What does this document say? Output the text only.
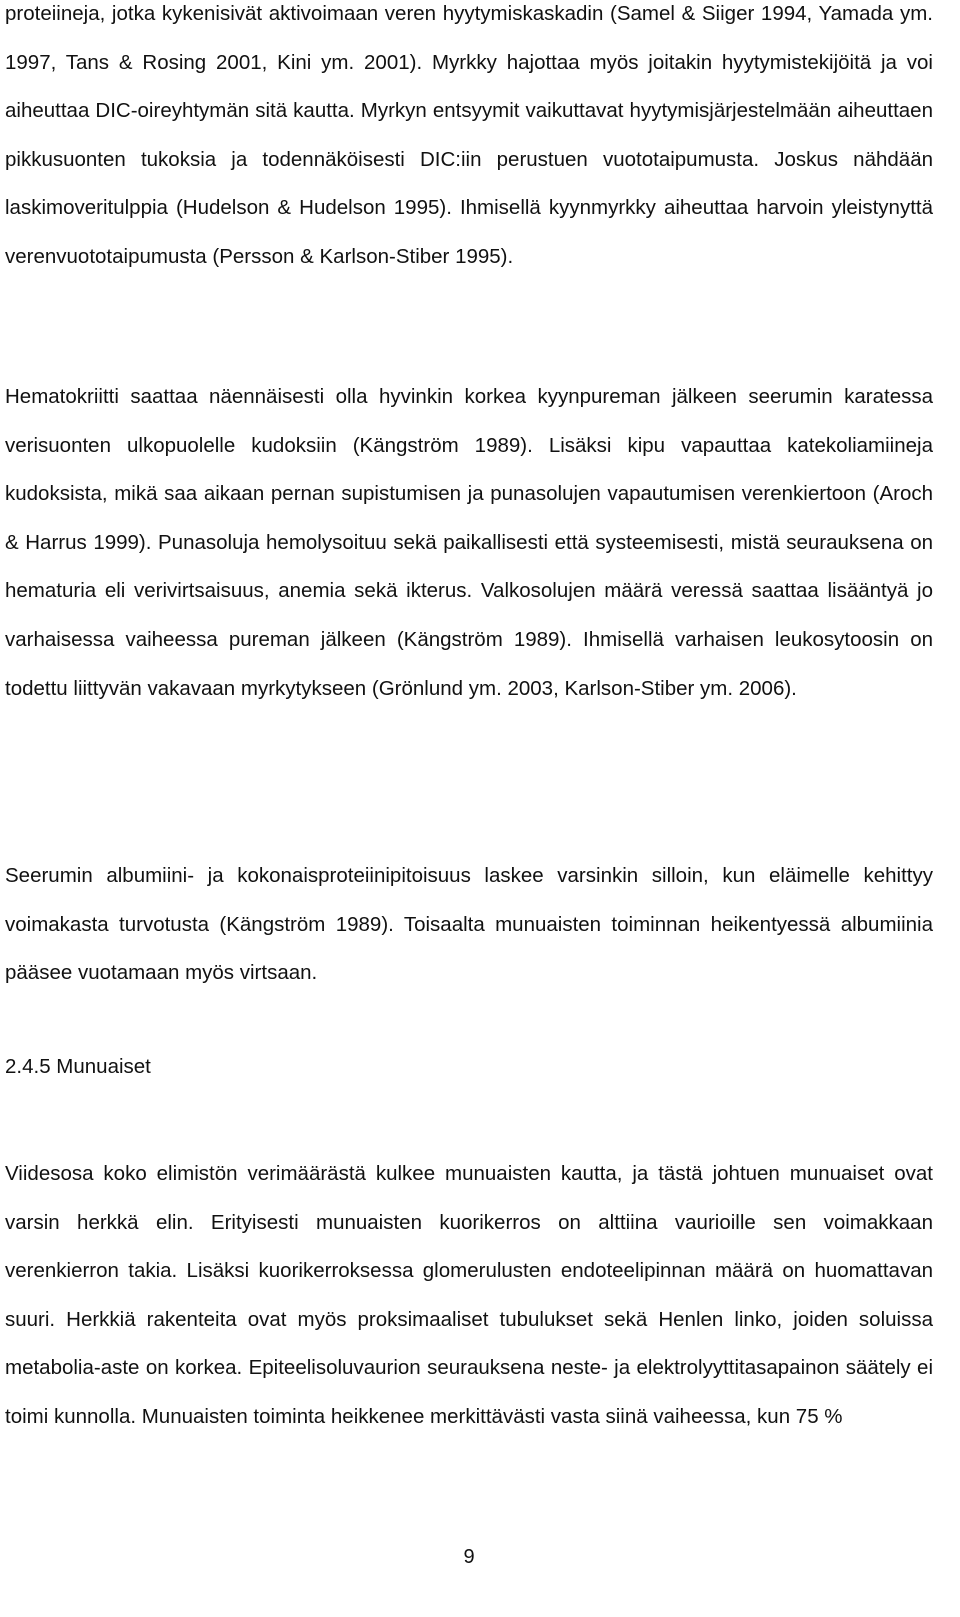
proteiineja, jotka kykenisivät aktivoimaan veren hyytymiskaskadin (Samel & Siiger 1994, Yamada ym. 1997, Tans & Rosing 2001, Kini ym. 2001). Myrkky hajottaa myös joitakin hyytymistekijöitä ja voi aiheuttaa DIC-oireyhtymän sitä kautta. Myrkyn entsyymit vaikuttavat hyytymisjärjestelmään aiheuttaen pikkusuonten tukoksia ja todennäköisesti DIC:iin perustuen vuototaipumusta. Joskus nähdään laskimoveritulppia (Hudelson & Hudelson 1995). Ihmisellä kyynmyrkky aiheuttaa harvoin yleistynyttä verenvuototaipumusta (Persson & Karlson-Stiber 1995).

Hematokriitti saattaa näennäisesti olla hyvinkin korkea kyynpureman jälkeen seerumin karatessa verisuonten ulkopuolelle kudoksiin (Kängström 1989). Lisäksi kipu vapauttaa katekoliamiineja kudoksista, mikä saa aikaan pernan supistumisen ja punasolujen vapautumisen verenkiertoon (Aroch & Harrus 1999). Punasoluja hemolysoituu sekä paikallisesti että systeemisesti, mistä seurauksena on hematuria eli verivirtsaisuus, anemia sekä ikterus. Valkosolujen määrä veressä saattaa lisääntyä jo varhaisessa vaiheessa pureman jälkeen (Kängström 1989). Ihmisellä varhaisen leukosytoosin on todettu liittyvän vakavaan myrkytykseen (Grönlund ym. 2003, Karlson-Stiber ym. 2006).

Seerumin albumiini- ja kokonaisproteiinipitoisuus laskee varsinkin silloin, kun eläimelle kehittyy voimakasta turvotusta (Kängström 1989). Toisaalta munuaisten toiminnan heikentyessä albumiinia pääsee vuotamaan myös virtsaan.

2.4.5 Munuaiset

Viidesosa koko elimistön verimäärästä kulkee munuaisten kautta, ja tästä johtuen munuaiset ovat varsin herkkä elin. Erityisesti munuaisten kuorikerros on alttiina vaurioille sen voimakkaan verenkierron takia. Lisäksi kuorikerroksessa glomerulusten endoteelipinnan määrä on huomattavan suuri. Herkkiä rakenteita ovat myös proksimaaliset tubulukset sekä Henlen linko, joiden soluissa metabolia-aste on korkea. Epiteelisoluvaurion seurauksena neste- ja elektrolyyttitasapainon säätely ei toimi kunnolla. Munuaisten toiminta heikkenee merkittävästi vasta siinä vaiheessa, kun 75 %

9
